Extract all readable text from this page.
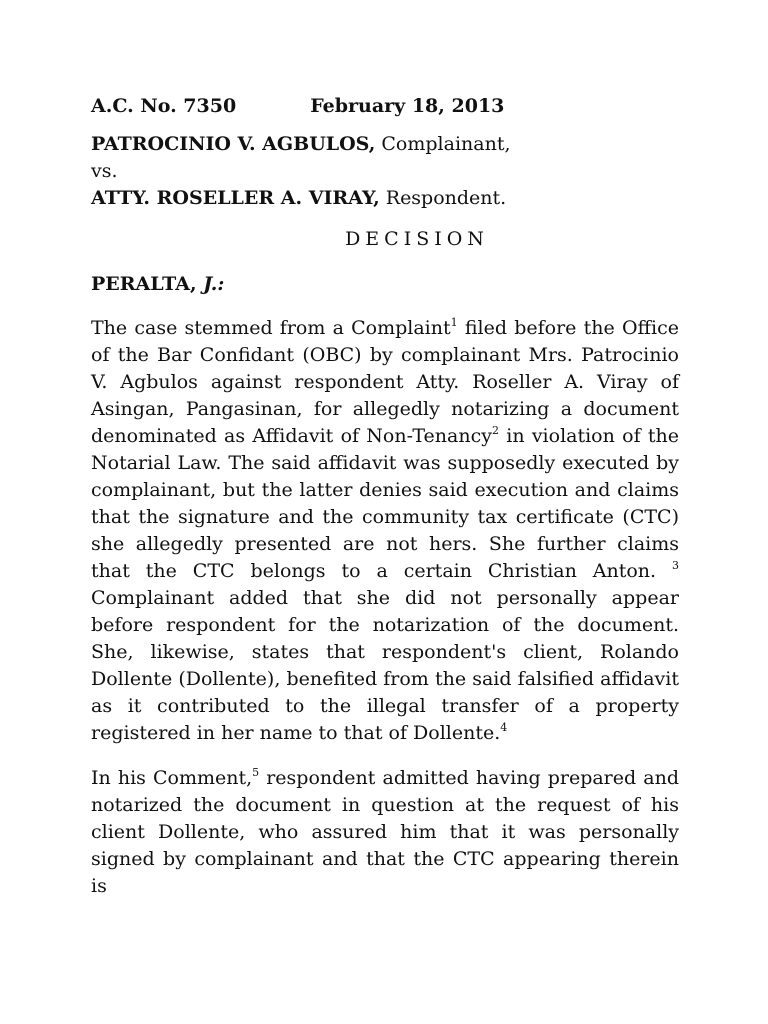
A.C. No. 7350	February 18, 2013
PATROCINIO V. AGBULOS, Complainant,
vs.
ATTY. ROSELLER A. VIRAY, Respondent.
DECISION
PERALTA, J.:

The case stemmed from a Complaint$^1$ filed before the Office of the Bar Confidant (OBC) by complainant Mrs. Patrocinio V. Agbulos against respondent Atty. Roseller A. Viray of Asingan, Pangasinan, for allegedly notarizing a document denominated as Affidavit of Non-Tenancy$^2$ in violation of the Notarial Law. The said affidavit was supposedly executed by complainant, but the latter denies said execution and claims that the signature and the community tax certificate (CTC) she allegedly presented are not hers. She further claims that the CTC belongs to a certain Christian Anton. $^3$ Complainant added that she did not personally appear before respondent for the notarization of the document. She, likewise, states that respondent's client, Rolando Dollente (Dollente), benefited from the said falsified affidavit as it contributed to the illegal transfer of a property registered in her name to that of Dollente.$^4$

In his Comment,$^5$ respondent admitted having prepared and notarized the document in question at the request of his client Dollente, who assured him that it was personally signed by complainant and that the CTC appearing therein is
